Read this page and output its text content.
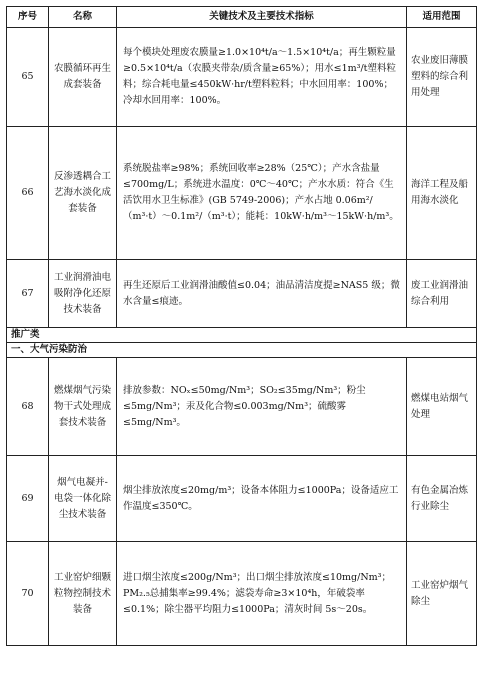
序号	名称	关键技术及主要技术指标	适用范围
65	农膜循环再生成套装备	每个模块处理废农膜量≥1.0×10⁴t/a～1.5×10⁴t/a；再生颗粒量≥0.5×10⁴t/a（农膜夹带杂/质含量≥65%）；用水≤1m³/t塑料粒料；综合耗电量≤450kW·hr/t塑料粒料；中水回用率：100%；冷却水回用率：100%。	农业废旧薄膜塑料的综合利用处理
66	反渗透耦合工艺海水淡化成套装备	系统脱盐率≥98%；系统回收率≥28%（25℃）；产水含盐量≤700mg/L；系统进水温度：0℃～40℃；产水水质：符合《生活饮用水卫生标准》(GB 5749-2006)；产水占地 0.06m²/（m³·t）～0.1m²/（m³·t）；能耗：10kW·h/m³～15kW·h/m³。	海洋工程及船用海水淡化
67	工业润滑油电吸附净化还原技术装备	再生还原后工业润滑油酸值≤0.04；油品清洁度提≥NAS5 级；微水含量≤痕迹。	废工业润滑油综合利用
推广类			
一、大气污染防治			
68	燃煤烟气污染物干式处理成套技术装备	排放参数：NOₓ≤50mg/Nm³；SO₂≤35mg/Nm³；粉尘≤5mg/Nm³；汞及化合物≤0.003mg/Nm³；硫酸雾≤5mg/Nm³。	燃煤电站烟气处理
69	烟气电凝并-电袋一体化除尘技术装备	烟尘排放浓度≤20mg/m³；设备本体阻力≤1000Pa；设备适应工作温度≤350℃。	有色金属冶炼行业除尘
70	工业窑炉细颗粒物控制技术装备	进口烟尘浓度≤200g/Nm³；出口烟尘排放浓度≤10mg/Nm³；PM₂.₅总捕集率≥99.4%；滤袋寿命≥3×10⁴h，年破袋率≤0.1%；除尘器平均阻力≤1000Pa；清灰时间 5s～20s。	工业窑炉烟气除尘
